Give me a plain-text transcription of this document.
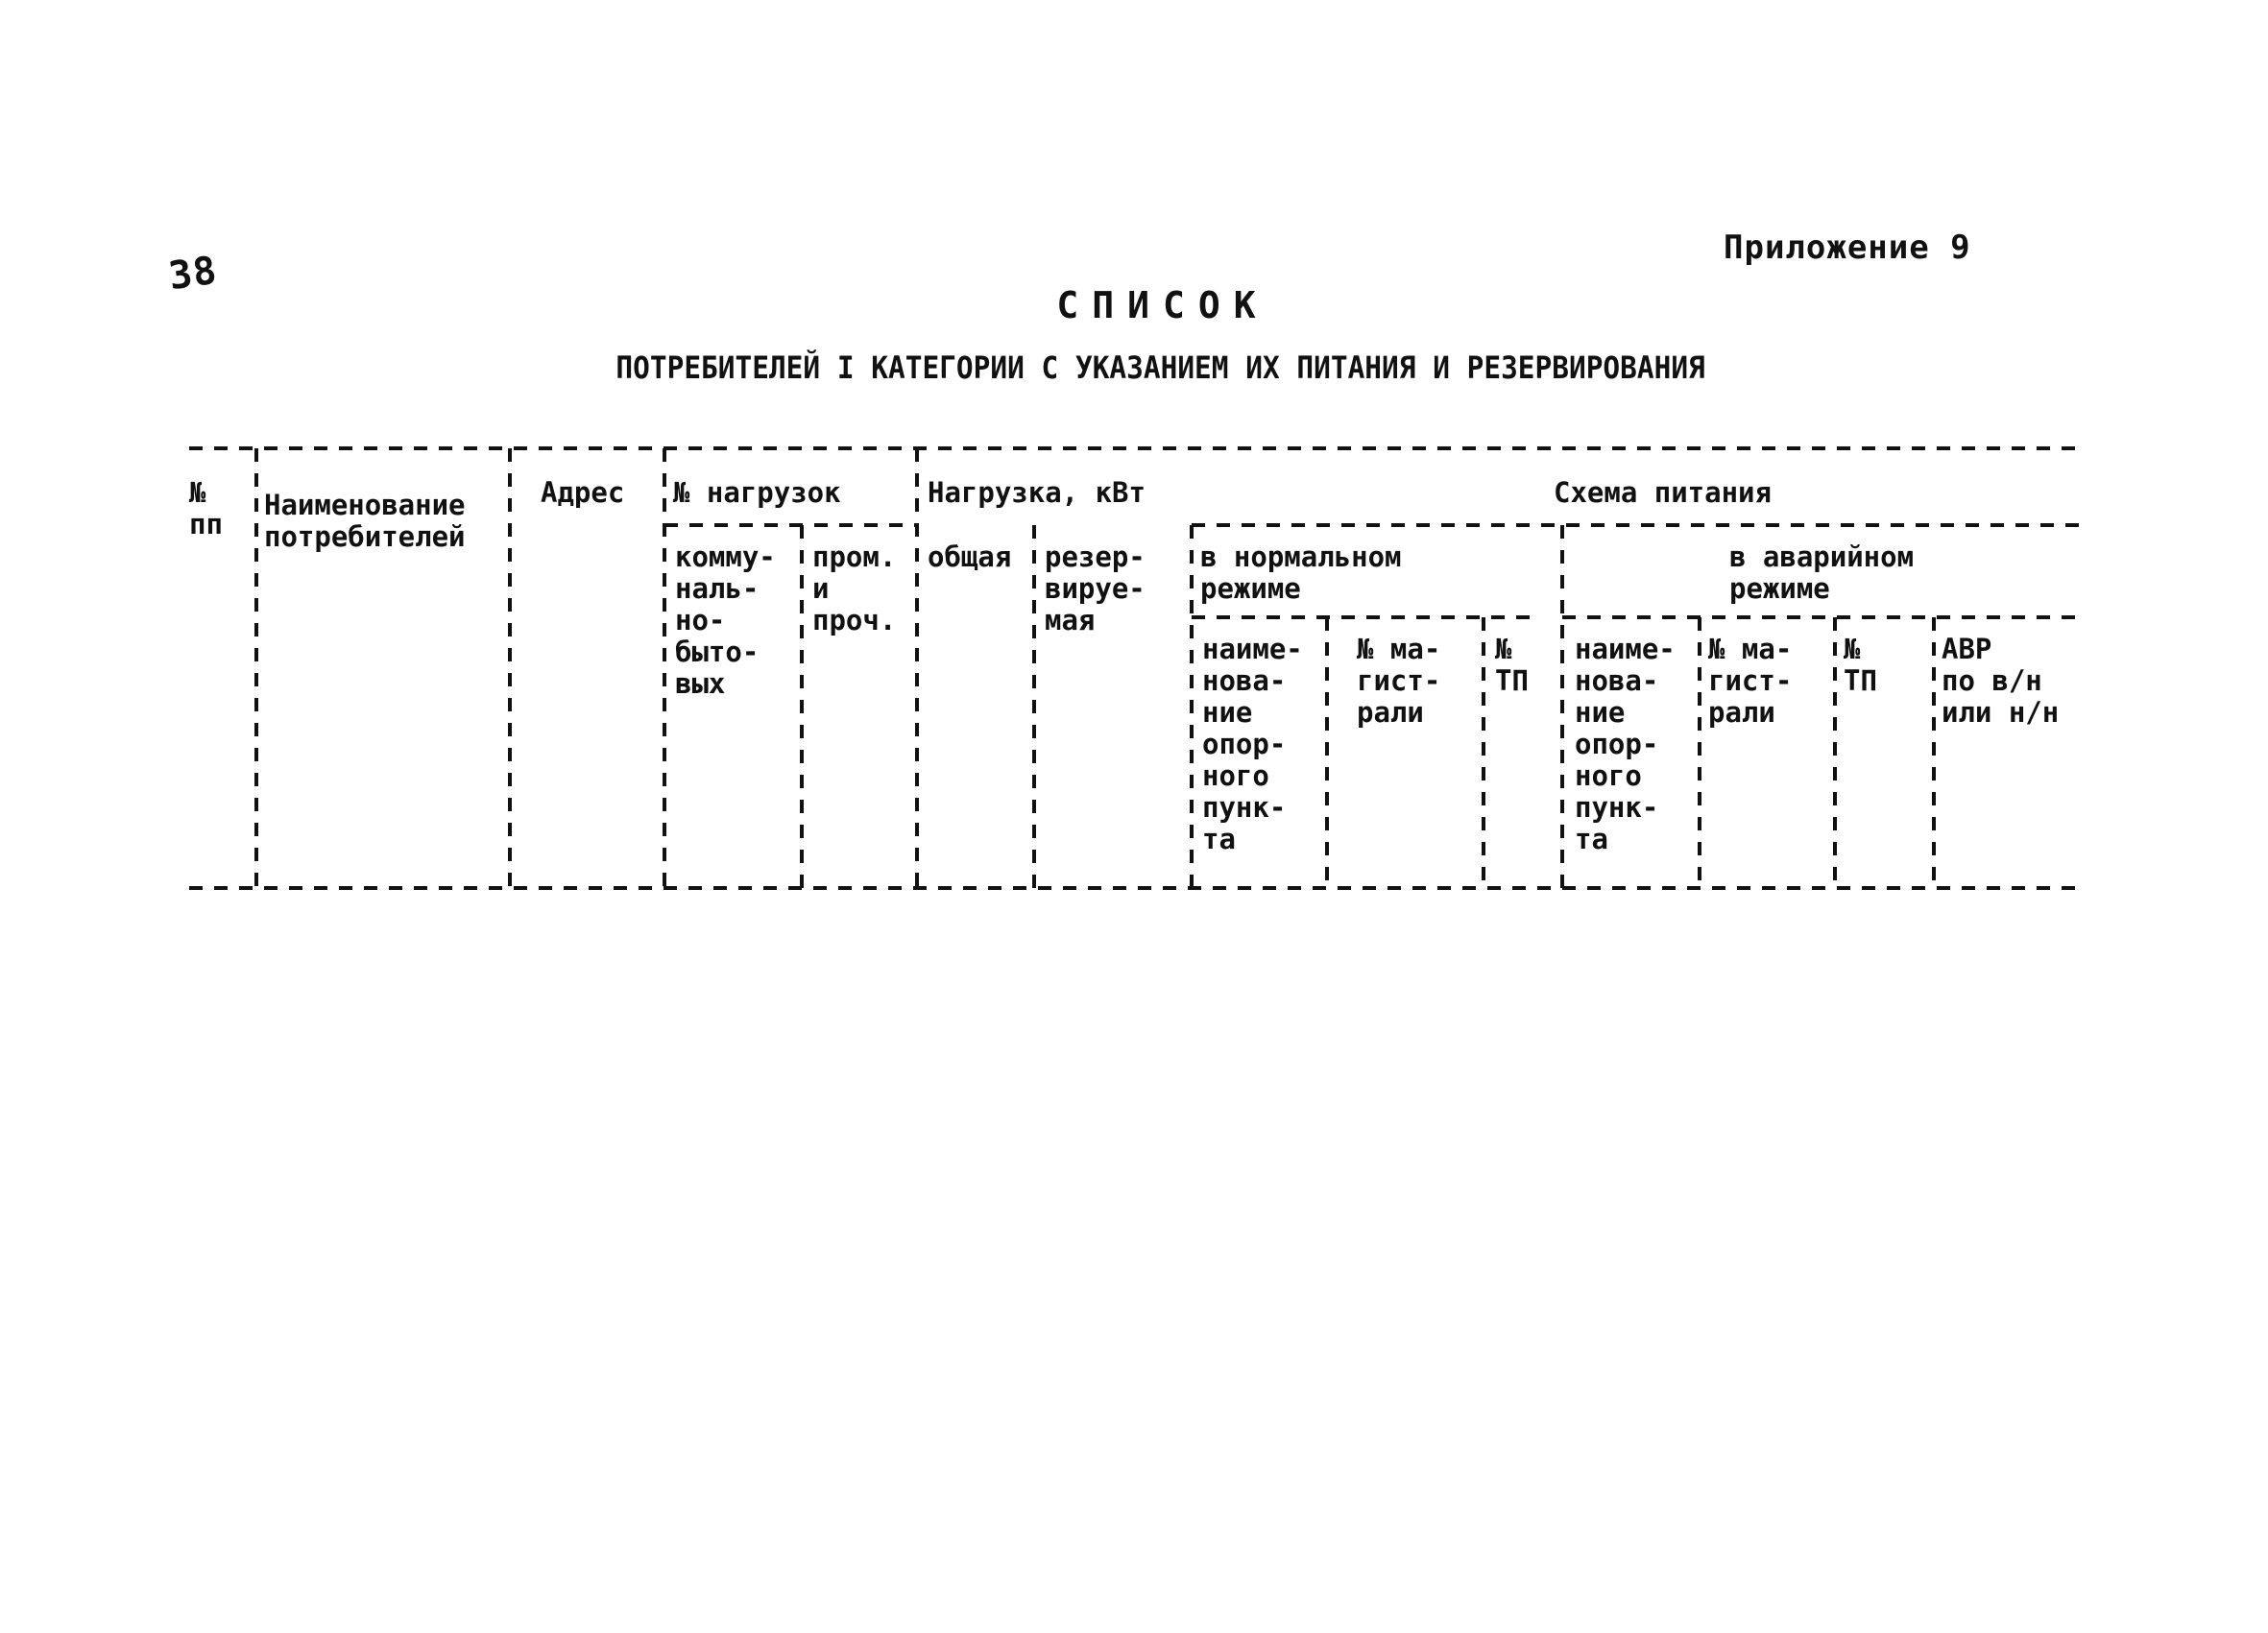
38
Приложение 9
СПИСОК
ПОТРЕБИТЕЛЕЙ I КАТЕГОРИИ С УКАЗАНИЕМ ИХ ПИТАНИЯ И РЕЗЕРВИРОВАНИЯ
№
пп
Наименование
потребителей
Адрес № нагрузок
комму-
наль-
но-
быто-
вых
пром.
и
проч.
Нагрузка, кВт
общая резер-
вируе-
мая
Схема питания
в нормальном
режиме
в аварийном
режиме
наиме-
нова-
ние
опор-
ного
пунк-
та
№ ма-
гист-
рали
№
ТП
наиме-
нова-
ние
опор-
ного
пунк-
та
№ ма-
гист-
рали
№
ТП
АВР
по в/н
или н/н
